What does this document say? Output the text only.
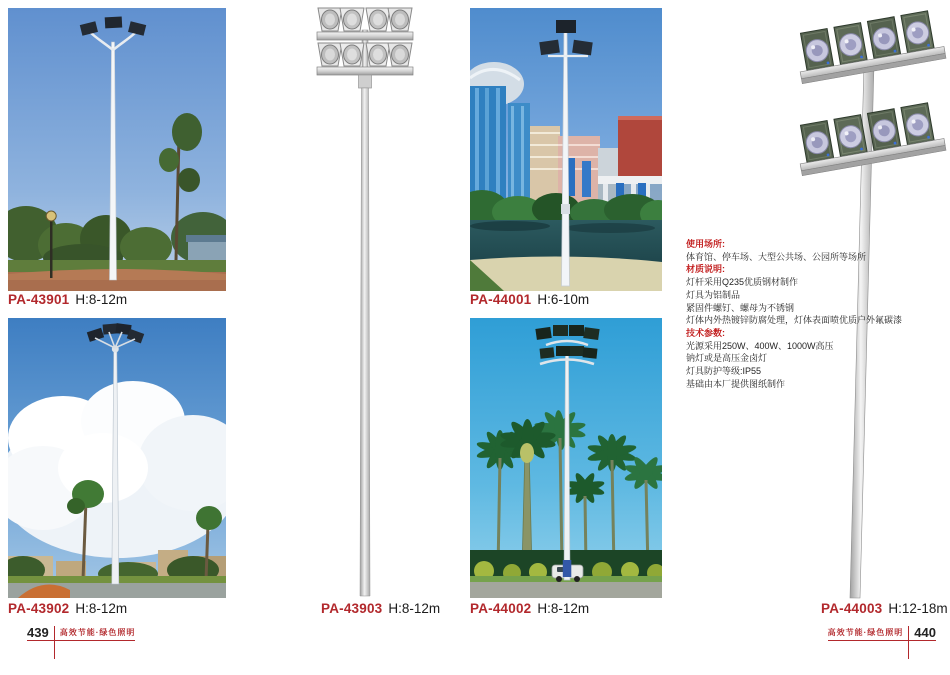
PA-43901 H:8-12m
PA-43902 H:8-12m	PA-43903 H:8-12m
PA-44001 H:6-10m
PA-44002 H:8-12m	PA-44003 H:12-18m
使用场所:
体育馆、停车场、大型公共场、公园所等场所
材质说明:
灯杆采用Q235优质钢材制作
灯具为铝制品
紧固件螺钉、螺母为不锈钢
灯体内外热镀锌防腐处理，灯体表面喷优质户外氟碳漆
技术参数:
光源采用250W、400W、1000W高压
钠灯或是高压金卤灯
灯具防护等级:IP55
基础由本厂提供图纸制作
439 高效节能·绿色照明	高效节能·绿色照明 440
